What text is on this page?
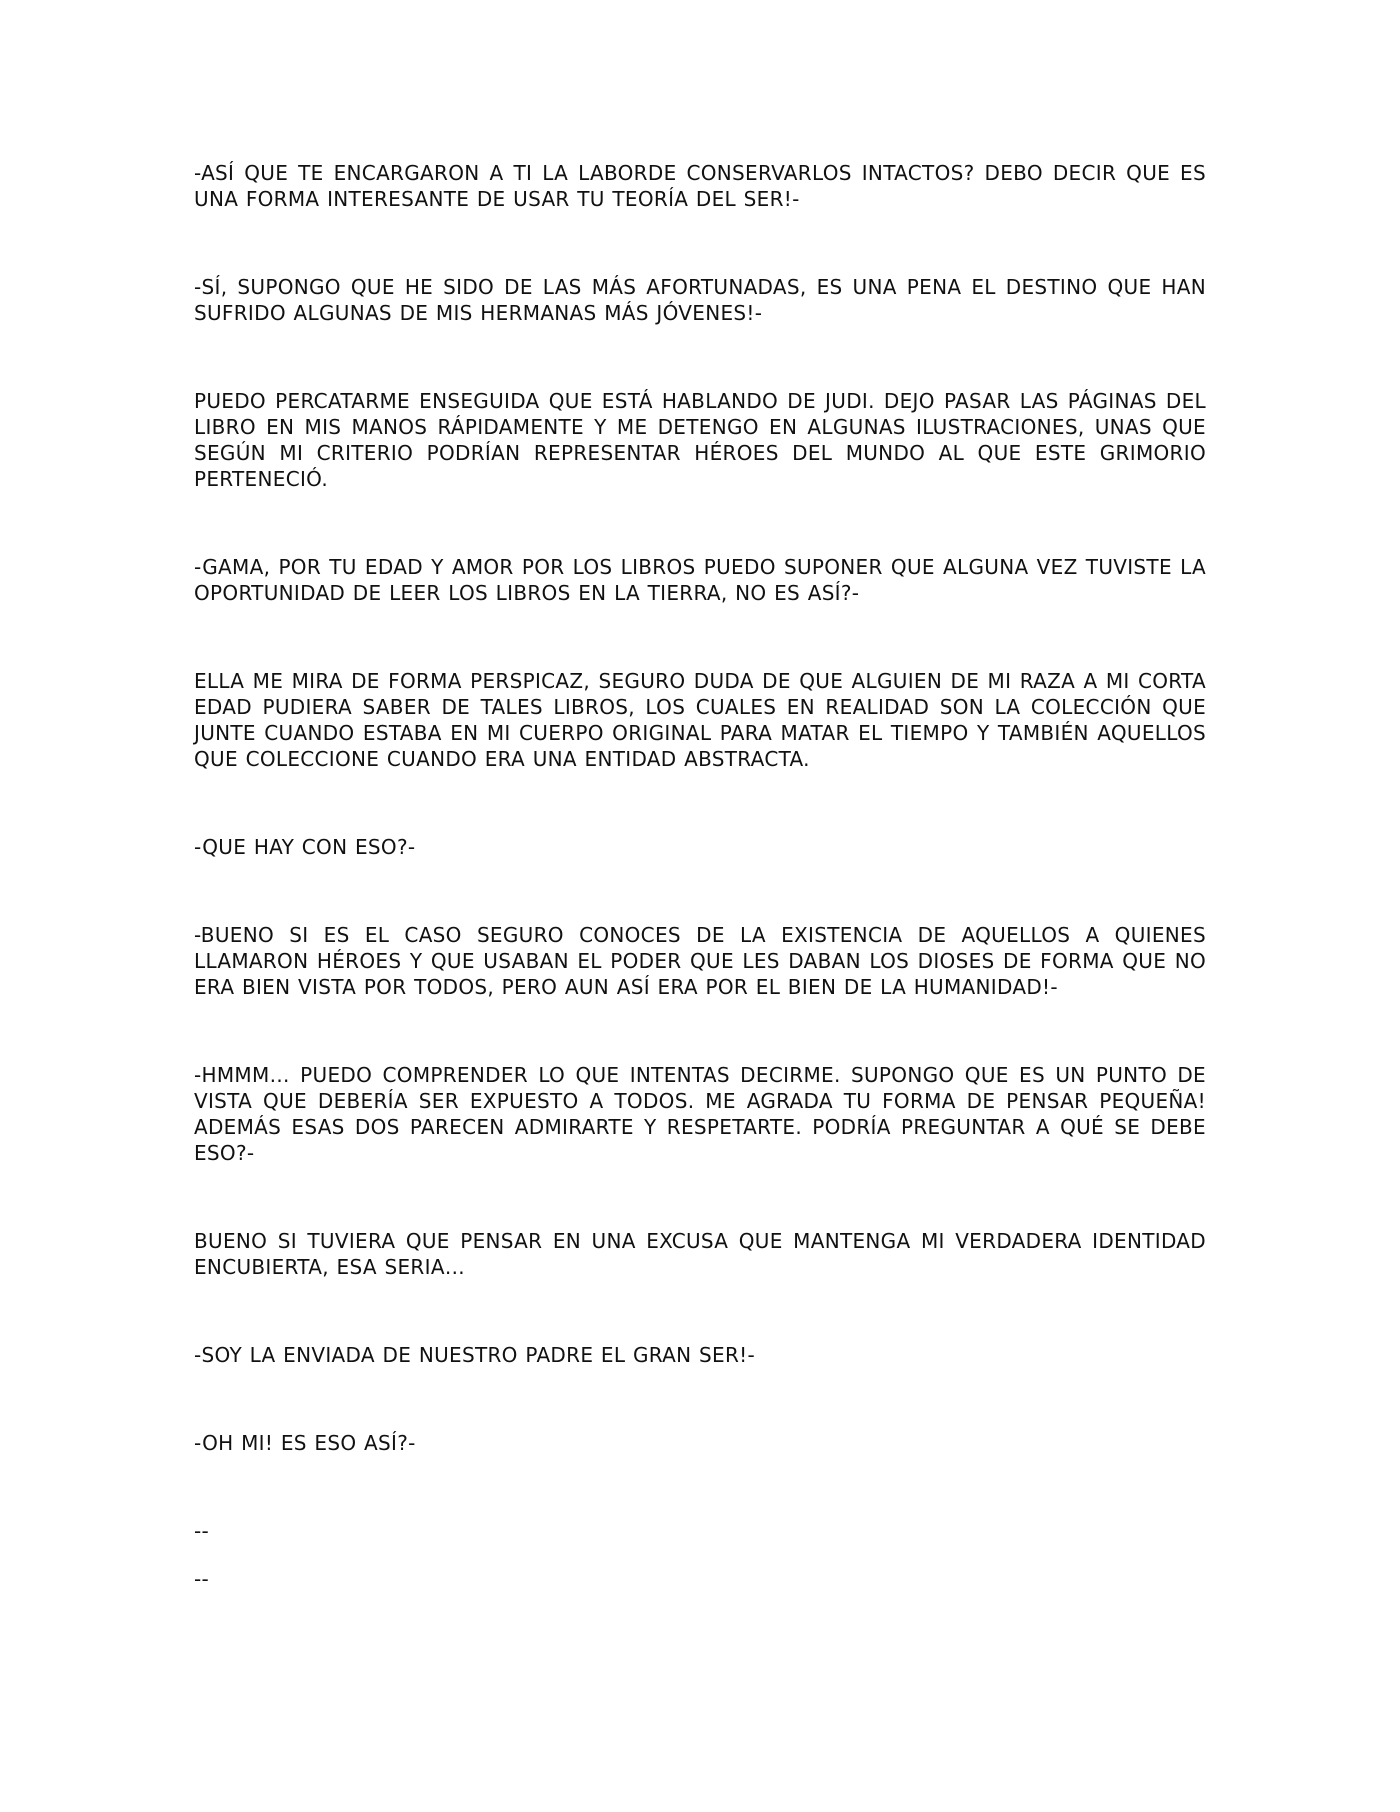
-ASÍ QUE TE ENCARGARON A TI LA LABORDE CONSERVARLOS INTACTOS? DEBO DECIR QUE ES UNA FORMA INTERESANTE DE USAR TU TEORÍA DEL SER!-

-SÍ, SUPONGO QUE HE SIDO DE LAS MÁS AFORTUNADAS, ES UNA PENA EL DESTINO QUE HAN SUFRIDO ALGUNAS DE MIS HERMANAS MÁS JÓVENES!-

PUEDO PERCATARME ENSEGUIDA QUE ESTÁ HABLANDO DE JUDI. DEJO PASAR LAS PÁGINAS DEL LIBRO EN MIS MANOS RÁPIDAMENTE Y ME DETENGO EN ALGUNAS ILUSTRACIONES, UNAS QUE SEGÚN MI CRITERIO PODRÍAN REPRESENTAR HÉROES DEL MUNDO AL QUE ESTE GRIMORIO PERTENECIÓ.

-GAMA, POR TU EDAD Y AMOR POR LOS LIBROS PUEDO SUPONER QUE ALGUNA VEZ TUVISTE LA OPORTUNIDAD DE LEER LOS LIBROS EN LA TIERRA, NO ES ASÍ?-

ELLA ME MIRA DE FORMA PERSPICAZ, SEGURO DUDA DE QUE ALGUIEN DE MI RAZA A MI CORTA EDAD PUDIERA SABER DE TALES LIBROS, LOS CUALES EN REALIDAD SON LA COLECCIÓN QUE JUNTE CUANDO ESTABA EN MI CUERPO ORIGINAL PARA MATAR EL TIEMPO Y TAMBIÉN AQUELLOS QUE COLECCIONE CUANDO ERA UNA ENTIDAD ABSTRACTA.

-QUE HAY CON ESO?-

-BUENO SI ES EL CASO SEGURO CONOCES DE LA EXISTENCIA DE AQUELLOS A QUIENES LLAMARON HÉROES Y QUE USABAN EL PODER QUE LES DABAN LOS DIOSES DE FORMA QUE NO ERA BIEN VISTA POR TODOS, PERO AUN ASÍ ERA POR EL BIEN DE LA HUMANIDAD!-

-HMMM… PUEDO COMPRENDER LO QUE INTENTAS DECIRME. SUPONGO QUE ES UN PUNTO DE VISTA QUE DEBERÍA SER EXPUESTO A TODOS. ME AGRADA TU FORMA DE PENSAR PEQUEÑA! ADEMÁS ESAS DOS PARECEN ADMIRARTE Y RESPETARTE. PODRÍA PREGUNTAR A QUÉ SE DEBE ESO?-

BUENO SI TUVIERA QUE PENSAR EN UNA EXCUSA QUE MANTENGA MI VERDADERA IDENTIDAD ENCUBIERTA, ESA SERIA…

-SOY LA ENVIADA DE NUESTRO PADRE EL GRAN SER!-

-OH MI! ES ESO ASÍ?-

--

--
